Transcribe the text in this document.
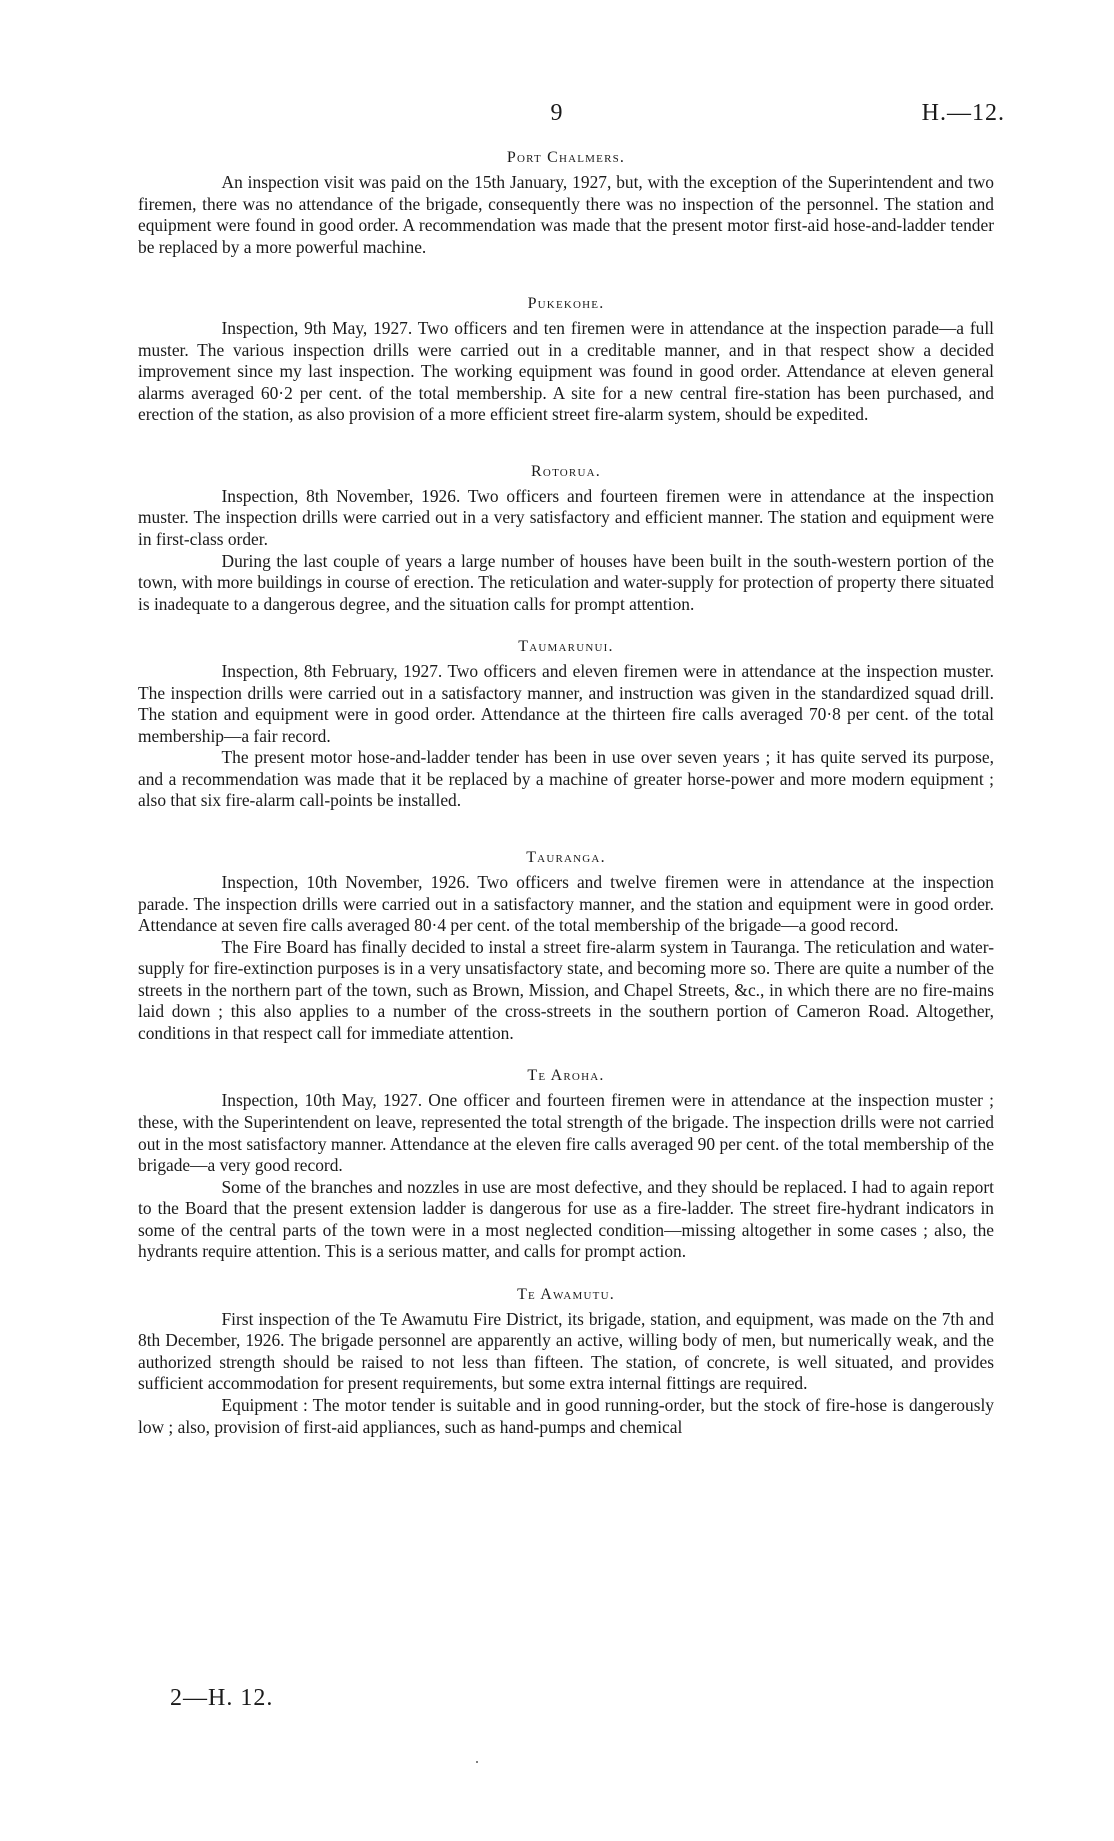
9	H.—12.
Port Chalmers.

An inspection visit was paid on the 15th January, 1927, but, with the exception of the Superintendent and two firemen, there was no attendance of the brigade, consequently there was no inspection of the personnel. The station and equipment were found in good order. A recommendation was made that the present motor first-aid hose-and-ladder tender be replaced by a more powerful machine.

Pukekohe.

Inspection, 9th May, 1927. Two officers and ten firemen were in attendance at the inspection parade—a full muster. The various inspection drills were carried out in a creditable manner, and in that respect show a decided improvement since my last inspection. The working equipment was found in good order. Attendance at eleven general alarms averaged 60·2 per cent. of the total membership. A site for a new central fire-station has been purchased, and erection of the station, as also provision of a more efficient street fire-alarm system, should be expedited.

Rotorua.

Inspection, 8th November, 1926. Two officers and fourteen firemen were in attendance at the inspection muster. The inspection drills were carried out in a very satisfactory and efficient manner. The station and equipment were in first-class order.

During the last couple of years a large number of houses have been built in the south-western portion of the town, with more buildings in course of erection. The reticulation and water-supply for protection of property there situated is inadequate to a dangerous degree, and the situation calls for prompt attention.

Taumarunui.

Inspection, 8th February, 1927. Two officers and eleven firemen were in attendance at the inspection muster. The inspection drills were carried out in a satisfactory manner, and instruction was given in the standardized squad drill. The station and equipment were in good order. Attendance at the thirteen fire calls averaged 70·8 per cent. of the total membership—a fair record.

The present motor hose-and-ladder tender has been in use over seven years ; it has quite served its purpose, and a recommendation was made that it be replaced by a machine of greater horse-power and more modern equipment ; also that six fire-alarm call-points be installed.

Tauranga.

Inspection, 10th November, 1926. Two officers and twelve firemen were in attendance at the inspection parade. The inspection drills were carried out in a satisfactory manner, and the station and equipment were in good order. Attendance at seven fire calls averaged 80·4 per cent. of the total membership of the brigade—a good record.

The Fire Board has finally decided to instal a street fire-alarm system in Tauranga. The reticulation and water-supply for fire-extinction purposes is in a very unsatisfactory state, and becoming more so. There are quite a number of the streets in the northern part of the town, such as Brown, Mission, and Chapel Streets, &c., in which there are no fire-mains laid down ; this also applies to a number of the cross-streets in the southern portion of Cameron Road. Altogether, conditions in that respect call for immediate attention.

Te Aroha.

Inspection, 10th May, 1927. One officer and fourteen firemen were in attendance at the inspection muster ; these, with the Superintendent on leave, represented the total strength of the brigade. The inspection drills were not carried out in the most satisfactory manner. Attendance at the eleven fire calls averaged 90 per cent. of the total membership of the brigade—a very good record.

Some of the branches and nozzles in use are most defective, and they should be replaced. I had to again report to the Board that the present extension ladder is dangerous for use as a fire-ladder. The street fire-hydrant indicators in some of the central parts of the town were in a most neglected condition—missing altogether in some cases ; also, the hydrants require attention. This is a serious matter, and calls for prompt action.

Te Awamutu.

First inspection of the Te Awamutu Fire District, its brigade, station, and equipment, was made on the 7th and 8th December, 1926. The brigade personnel are apparently an active, willing body of men, but numerically weak, and the authorized strength should be raised to not less than fifteen. The station, of concrete, is well situated, and provides sufficient accommodation for present requirements, but some extra internal fittings are required.

Equipment : The motor tender is suitable and in good running-order, but the stock of fire-hose is dangerously low ; also, provision of first-aid appliances, such as hand-pumps and chemical

2—H. 12.
